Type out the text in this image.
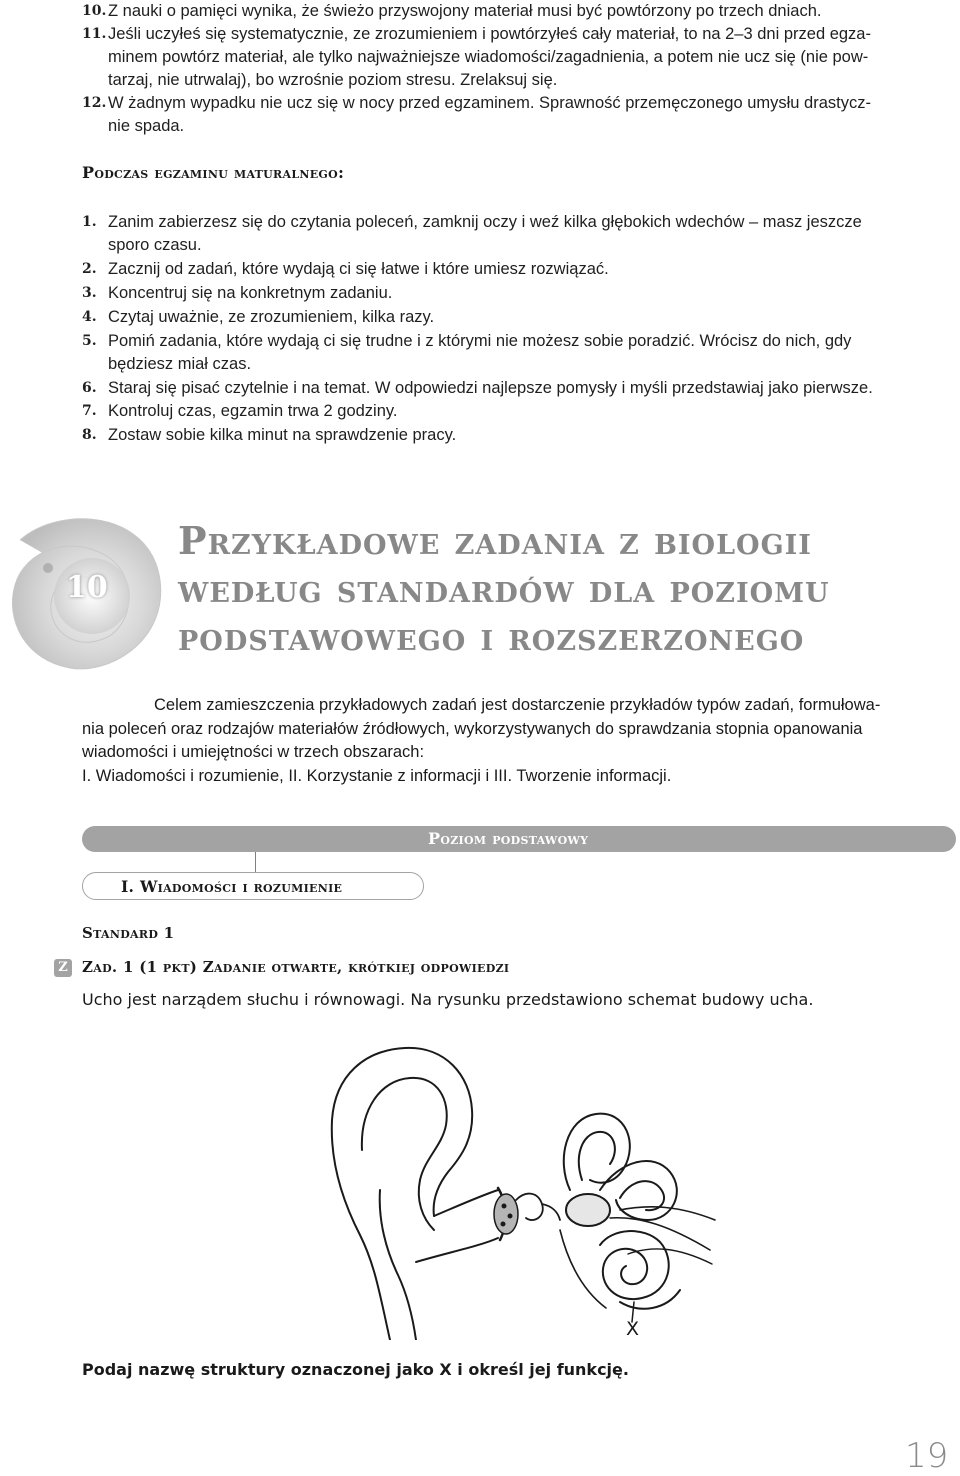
10. Z nauki o pamięci wynika, że świeżo przyswojony materiał musi być powtórzony po trzech dniach.
11. Jeśli uczyłeś się systematycznie, ze zrozumieniem i powtórzyłeś cały materiał, to na 2–3 dni przed egza-
minem powtórz materiał, ale tylko najważniejsze wiadomości/zagadnienia, a potem nie ucz się (nie pow-
tarzaj, nie utrwalaj), bo wzrośnie poziom stresu. Zrelaksuj się.
12. W żadnym wypadku nie ucz się w nocy przed egzaminem. Sprawność przemęczonego umysłu drastycz-
nie spada.
Podczas egzaminu maturalnego:
1. Zanim zabierzesz się do czytania poleceń, zamknij oczy i weź kilka głębokich wdechów – masz jeszcze
sporo czasu.
2. Zacznij od zadań, które wydają ci się łatwe i które umiesz rozwiązać.
3. Koncentruj się na konkretnym zadaniu.
4. Czytaj uważnie, ze zrozumieniem, kilka razy.
5. Pomiń zadania, które wydają ci się trudne i z którymi nie możesz sobie poradzić. Wrócisz do nich, gdy
będziesz miał czas.
6. Staraj się pisać czytelnie i na temat. W odpowiedzi najlepsze pomysły i myśli przedstawiaj jako pierwsze.
7. Kontroluj czas, egzamin trwa 2 godziny.
8. Zostaw sobie kilka minut na sprawdzenie pracy.
10
Przykładowe zadania z biologii
według standardów dla poziomu
podstawowego i rozszerzonego
Celem zamieszczenia przykładowych zadań jest dostarczenie przykładów typów zadań, formułowa-
nia poleceń oraz rodzajów materiałów źródłowych, wykorzystywanych do sprawdzania stopnia opanowania
wiadomości i umiejętności w trzech obszarach:
I. Wiadomości i rozumienie, II. Korzystanie z informacji i III. Tworzenie informacji.
Poziom podstawowy
I. Wiadomości i rozumienie
Standard 1
Z Zad. 1 (1 pkt) Zadanie otwarte, krótkiej odpowiedzi
Ucho jest narządem słuchu i równowagi. Na rysunku przedstawiono schemat budowy ucha.
X
Podaj nazwę struktury oznaczonej jako X i określ jej funkcję.
19
